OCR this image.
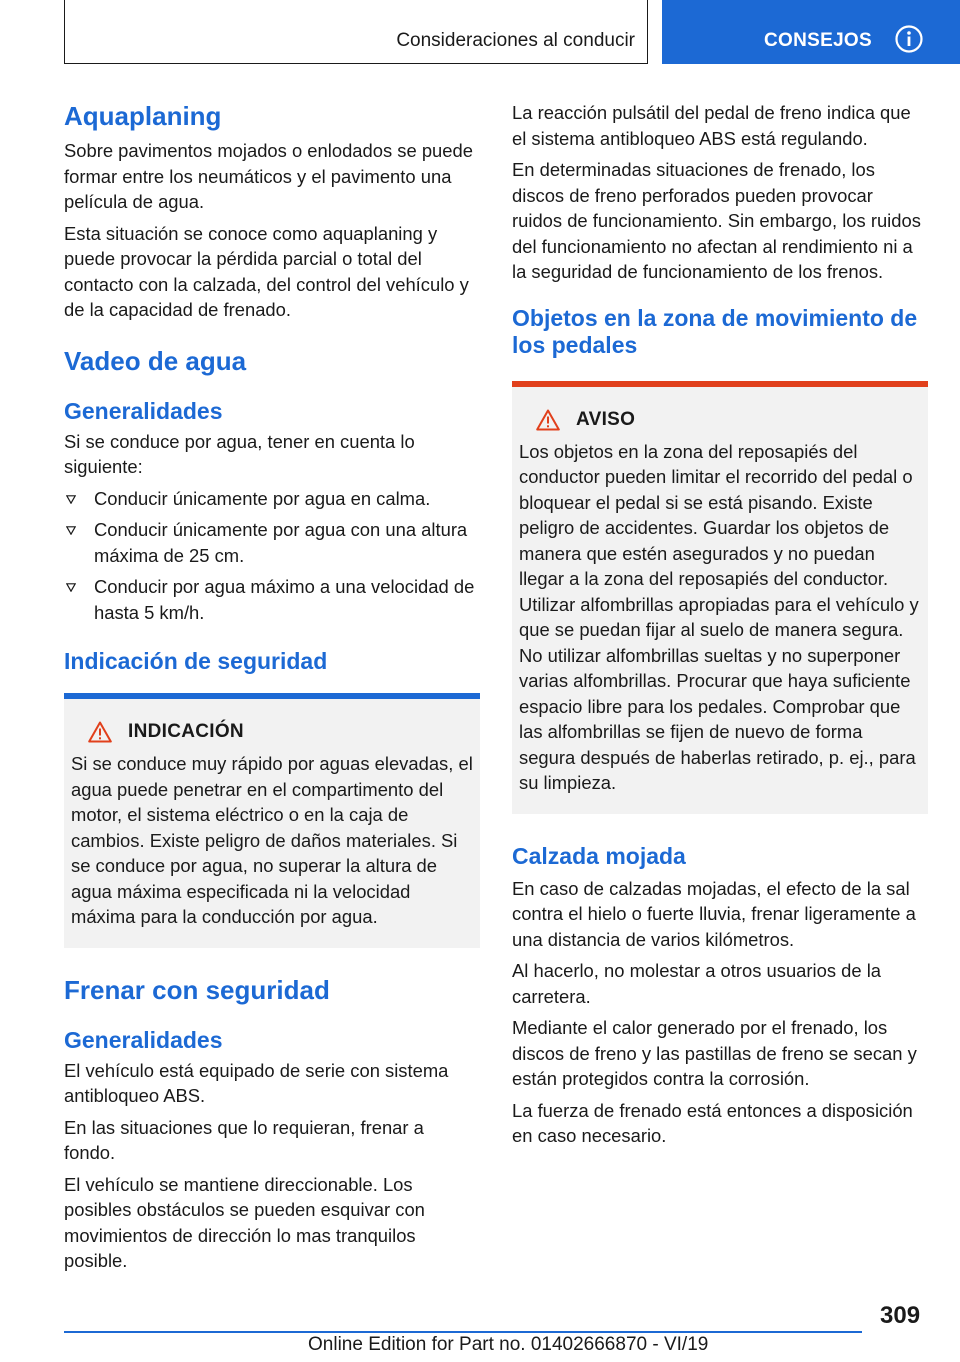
Consideraciones al conducir	CONSEJOS
Aquaplaning

Sobre pavimentos mojados o enlodados se puede formar entre los neumáticos y el pavimento una película de agua.

Esta situación se conoce como aquaplaning y puede provocar la pérdida parcial o total del contacto con la calzada, del control del vehículo y de la capacidad de frenado.

Vadeo de agua
Generalidades

Si se conduce por agua, tener en cuenta lo siguiente:

Conducir únicamente por agua en calma.
Conducir únicamente por agua con una altura máxima de 25 cm.
Conducir por agua máximo a una velocidad de hasta 5 km/h.
Indicación de seguridad
INDICACIÓN

Si se conduce muy rápido por aguas elevadas, el agua puede penetrar en el compartimento del motor, el sistema eléctrico o en la caja de cambios. Existe peligro de daños materiales. Si se conduce por agua, no superar la altura de agua máxima especificada ni la velocidad máxima para la conducción por agua.

Frenar con seguridad
Generalidades

El vehículo está equipado de serie con sistema antibloqueo ABS.

En las situaciones que lo requieran, frenar a fondo.

El vehículo se mantiene direccionable. Los posibles obstáculos se pueden esquivar con movimientos de dirección lo mas tranquilos posible.

La reacción pulsátil del pedal de freno indica que el sistema antibloqueo ABS está regulando.

En determinadas situaciones de frenado, los discos de freno perforados pueden provocar ruidos de funcionamiento. Sin embargo, los ruidos del funcionamiento no afectan al rendimiento ni a la seguridad de funcionamiento de los frenos.

Objetos en la zona de movimiento de los pedales
AVISO

Los objetos en la zona del reposapiés del conductor pueden limitar el recorrido del pedal o bloquear el pedal si se está pisando. Existe peligro de accidentes. Guardar los objetos de manera que estén asegurados y no puedan llegar a la zona del reposapiés del conductor. Utilizar alfombrillas apropiadas para el vehículo y que se puedan fijar al suelo de manera segura. No utilizar alfombrillas sueltas y no superponer varias alfombrillas. Procurar que haya suficiente espacio libre para los pedales. Comprobar que las alfombrillas se fijen de nuevo de forma segura después de haberlas retirado, p. ej., para su limpieza.

Calzada mojada

En caso de calzadas mojadas, el efecto de la sal contra el hielo o fuerte lluvia, frenar ligeramente a una distancia de varios kilómetros.

Al hacerlo, no molestar a otros usuarios de la carretera.

Mediante el calor generado por el frenado, los discos de freno y las pastillas de freno se secan y están protegidos contra la corrosión.

La fuerza de frenado está entonces a disposición en caso necesario.

309
Online Edition for Part no. 01402666870 - VI/19
